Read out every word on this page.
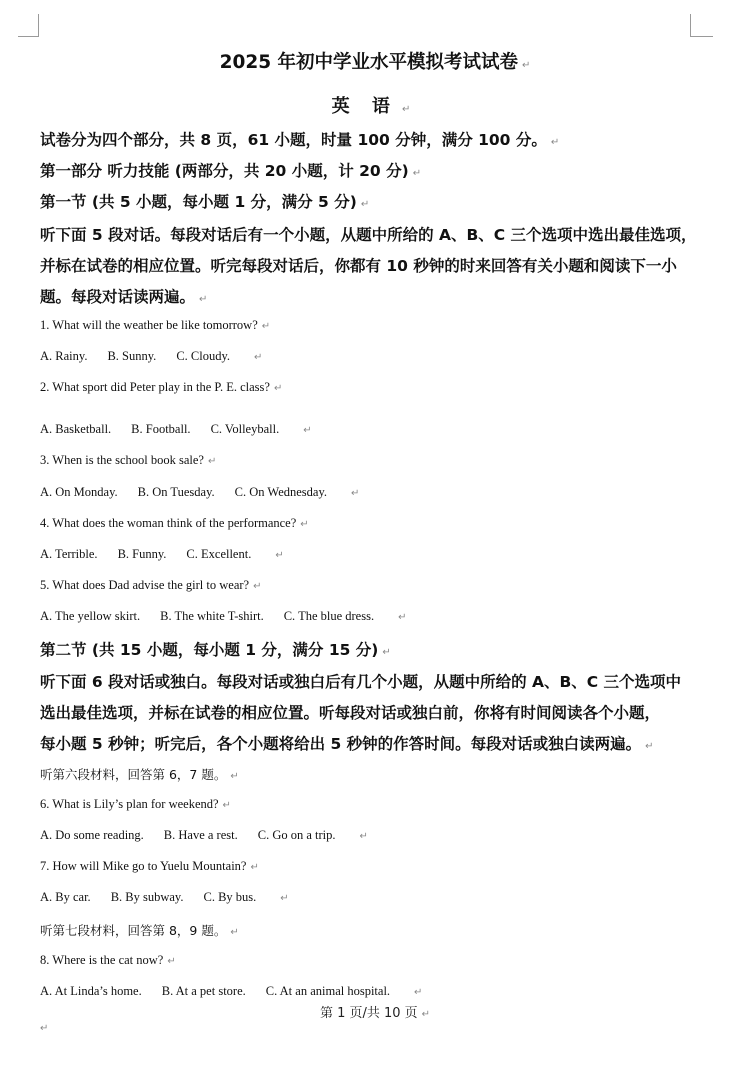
2025 年初中学业水平模拟考试试卷 ↵
英 语 ↵
试卷分为四个部分，共 8 页，61 小题，时量 100 分钟，满分 100 分。 ↵
第一部分 听力技能 (两部分，共 20 小题，计 20 分) ↵
第一节 (共 5 小题，每小题 1 分，满分 5 分) ↵
听下面 5 段对话。每段对话后有一个小题，从题中所给的 A、B、C 三个选项中选出最佳选项，
并标在试卷的相应位置。听完每段对话后，你都有 10 秒钟的时来回答有关小题和阅读下一小
题。每段对话读两遍。 ↵
1. What will the weather be like tomorrow? ↵
A. Rainy. B. Sunny. C. Cloudy. ↵
2. What sport did Peter play in the P. E. class? ↵
A. Basketball. B. Football. C. Volleyball. ↵
3. When is the school book sale? ↵
A. On Monday. B. On Tuesday. C. On Wednesday. ↵
4. What does the woman think of the performance? ↵
A. Terrible. B. Funny. C. Excellent. ↵
5. What does Dad advise the girl to wear? ↵
A. The yellow skirt. B. The white T-shirt. C. The blue dress. ↵
第二节 (共 15 小题，每小题 1 分，满分 15 分) ↵
听下面 6 段对话或独白。每段对话或独白后有几个小题，从题中所给的 A、B、C 三个选项中
选出最佳选项，并标在试卷的相应位置。听每段对话或独白前，你将有时间阅读各个小题，
每小题 5 秒钟；听完后，各个小题将给出 5 秒钟的作答时间。每段对话或独白读两遍。 ↵
听第六段材料，回答第 6，7 题。 ↵
6. What is Lily’s plan for weekend? ↵
A. Do some reading. B. Have a rest. C. Go on a trip. ↵
7. How will Mike go to Yuelu Mountain? ↵
A. By car. B. By subway. C. By bus. ↵
听第七段材料，回答第 8，9 题。 ↵
8. Where is the cat now? ↵
A. At Linda’s home. B. At a pet store. C. At an animal hospital. ↵
第 1 页/共 10 页 ↵
↵
